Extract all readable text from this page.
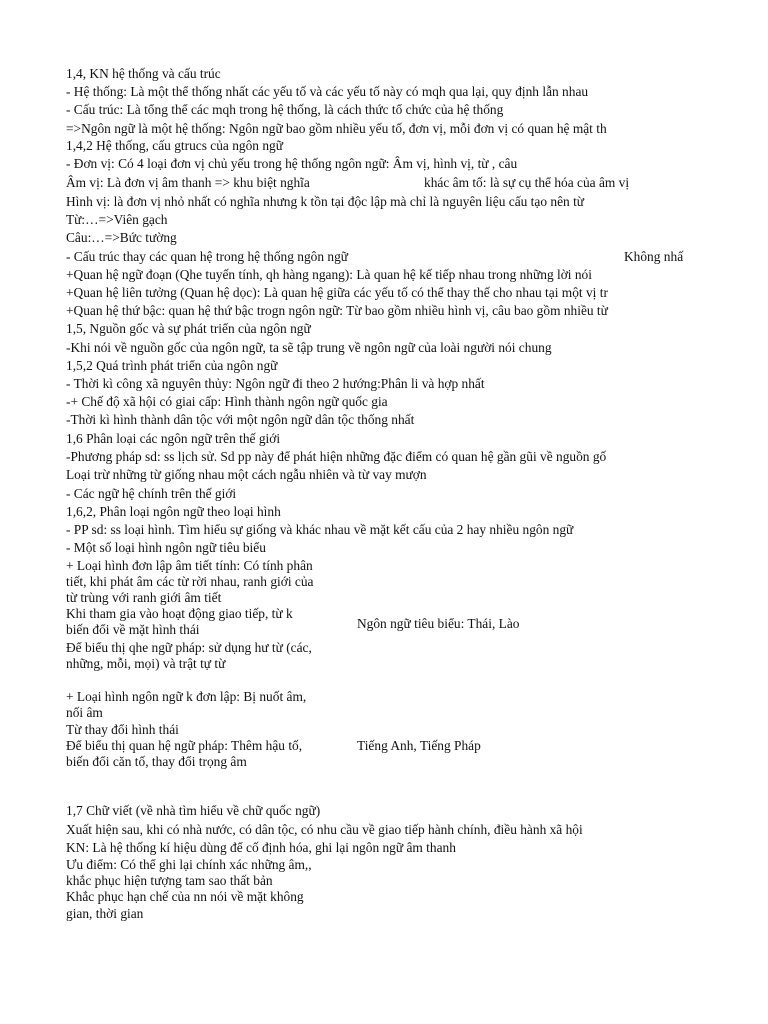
1,4, KN hệ thống và cấu trúc
- Hệ thống: Là một thể thống nhất các yếu tố và các yếu tố này có mqh qua lại, quy định lẫn nhau
- Cấu trúc: Là tổng thể các mqh trong hệ thống, là cách thức tổ chức của hệ thống
=>Ngôn ngữ là một hệ thống: Ngôn ngữ bao gồm nhiều yếu tố, đơn vị, mỗi đơn vị có quan hệ mật th
1,4,2 Hệ thống, cấu gtrucs của ngôn ngữ
- Đơn vị: Có 4 loại đơn vị chủ yếu trong hệ thống ngôn ngữ: Âm vị, hình vị, từ , câu
Âm vị: Là đơn vị âm thanh => khu biệt nghĩa	khác âm tố: là sự cụ thể hóa của âm vị
Hình vị: là đơn vị nhỏ nhất có nghĩa nhưng k tồn tại độc lập mà chỉ là nguyên liệu cấu tạo nên từ
Từ:…=>Viên gạch
Câu:…=>Bức tường
- Cấu trúc thay các quan hệ trong hệ thống ngôn ngữ	Không nhấ
+Quan hệ ngữ đoạn (Qhe tuyến tính, qh hàng ngang): Là quan hệ kế tiếp nhau trong những lời nói
+Quan hệ liên tưởng (Quan hệ dọc): Là quan hệ giữa các yếu tố có thể thay thế cho nhau tại một vị tr
+Quan hệ thứ bậc: quan hệ thứ bậc trogn ngôn ngữ: Từ bao gồm nhiều hình vị, câu bao gồm nhiều từ
1,5, Nguồn gốc và sự phát triển của ngôn ngữ
-Khi nói về nguồn gốc của ngôn ngữ, ta sẽ tập trung về ngôn ngữ của loài người nói chung
1,5,2 Quá trình phát triển của ngôn ngữ
- Thời kì công xã nguyên thủy: Ngôn ngữ đi theo 2 hướng:Phân li và hợp nhất
-+ Chế độ xã hội có giai cấp: Hình thành ngôn ngữ quốc gia
-Thời kì hình thành dân tộc với một ngôn ngữ dân tộc thống nhất
1,6 Phân loại các ngôn ngữ trên thế giới
-Phương pháp sd: ss lịch sử. Sd pp này để phát hiện những đặc điểm có quan hệ gần gũi về nguồn gố
Loại trừ những từ giống nhau một cách ngẫu nhiên và từ vay mượn
- Các ngữ hệ chính trên thế giới
1,6,2, Phân loại ngôn ngữ theo loại hình
- PP sd: ss loại hình. Tìm hiểu sự giống và khác nhau về mặt kết cấu của 2 hay nhiều ngôn ngữ
- Một số loại hình ngôn ngữ tiêu biểu
+ Loại hình đơn lập âm tiết tính: Có tính phân
tiết, khi phát âm các từ rời nhau, ranh giới của
từ trùng với ranh giới âm tiết
Khi tham gia vào hoạt động giao tiếp, từ k
biến đổi về mặt hình thái
Để biểu thị qhe ngữ pháp: sử dụng hư từ (các,
những, mỗi, mọi) và trật tự từ
Ngôn ngữ tiêu biểu: Thái, Lào
+ Loại hình ngôn ngữ k đơn lập: Bị nuốt âm,
nối âm
Từ thay đổi hình thái
Để biểu thị quan hệ ngữ pháp: Thêm hậu tố,
biến đổi căn tố, thay đổi trọng âm
Tiếng Anh, Tiếng Pháp
1,7 Chữ viết (về nhà tìm hiểu về chữ quốc ngữ)
Xuất hiện sau, khi có nhà nước, có dân tộc, có nhu cầu về giao tiếp hành chính, điều hành xã hội
KN: Là hệ thống kí hiệu dùng để cố định hóa, ghi lại ngôn ngữ âm thanh
Ưu điểm: Có thể ghi lại chính xác những âm,,
khắc phục hiện tượng tam sao thất bản
Khắc phục hạn chế của nn nói về mặt không
gian, thời gian
